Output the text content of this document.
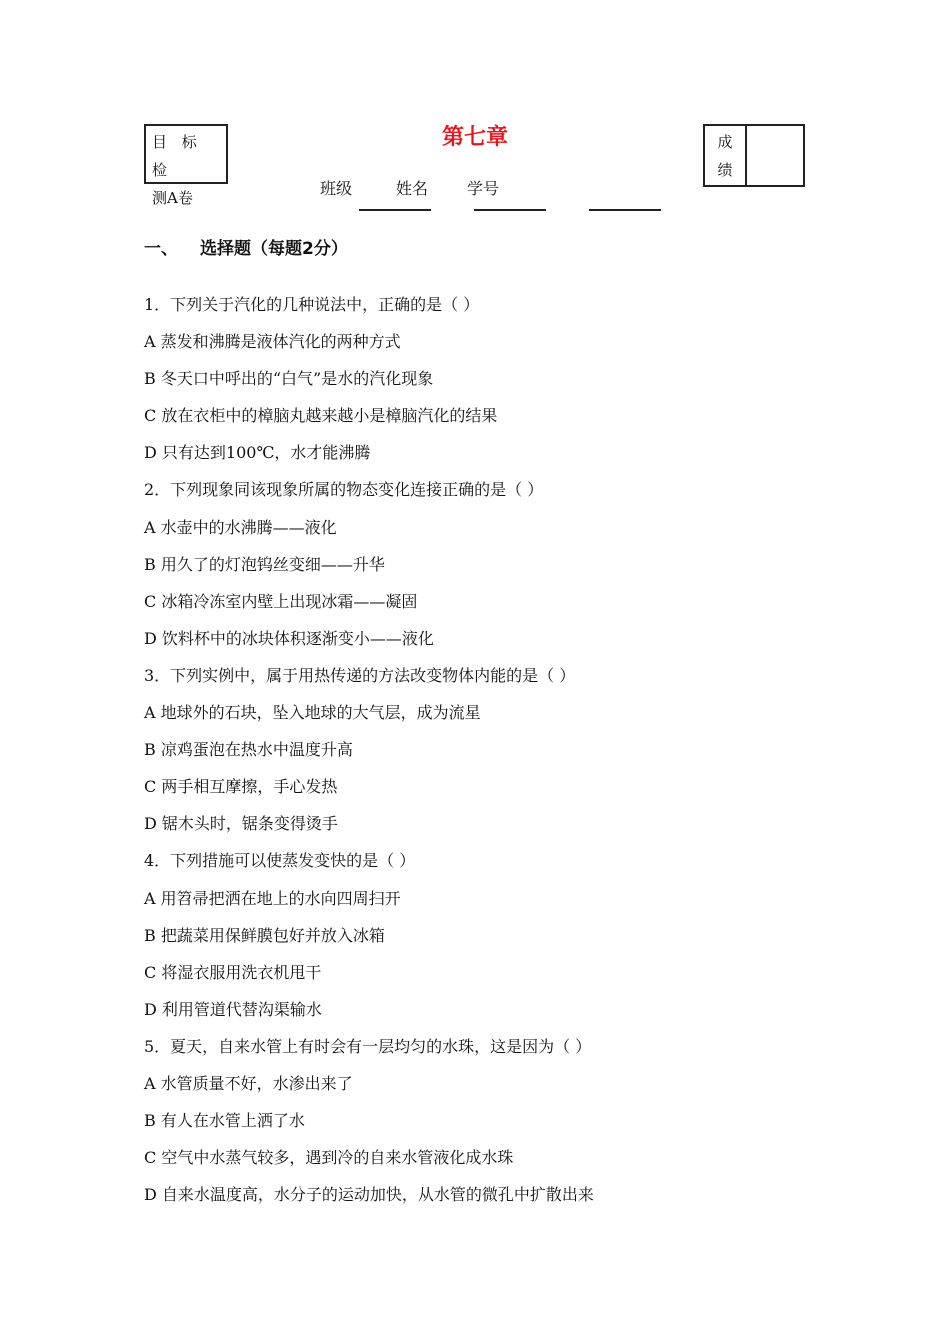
目 标 检
测A卷
第七章
班级	姓名 学号
成
绩
一、 选择题（每题2分）
1．下列关于汽化的几种说法中，正确的是（ ）
A 蒸发和沸腾是液体汽化的两种方式
B 冬天口中呼出的“白气”是水的汽化现象
C 放在衣柜中的樟脑丸越来越小是樟脑汽化的结果
D 只有达到100℃，水才能沸腾
2．下列现象同该现象所属的物态变化连接正确的是（ ）
A 水壶中的水沸腾——液化
B 用久了的灯泡钨丝变细——升华
C 冰箱冷冻室内壁上出现冰霜——凝固
D 饮料杯中的冰块体积逐渐变小——液化
3．下列实例中，属于用热传递的方法改变物体内能的是（ ）
A 地球外的石块，坠入地球的大气层，成为流星
B 凉鸡蛋泡在热水中温度升高
C 两手相互摩擦，手心发热
D 锯木头时，锯条变得烫手
4．下列措施可以使蒸发变快的是（ ）
A 用笤帚把洒在地上的水向四周扫开
B 把蔬菜用保鲜膜包好并放入冰箱
C 将湿衣服用洗衣机甩干
D 利用管道代替沟渠输水
5．夏天，自来水管上有时会有一层均匀的水珠，这是因为（ ）
A 水管质量不好，水渗出来了
B 有人在水管上洒了水
C 空气中水蒸气较多，遇到冷的自来水管液化成水珠
D 自来水温度高，水分子的运动加快，从水管的微孔中扩散出来
